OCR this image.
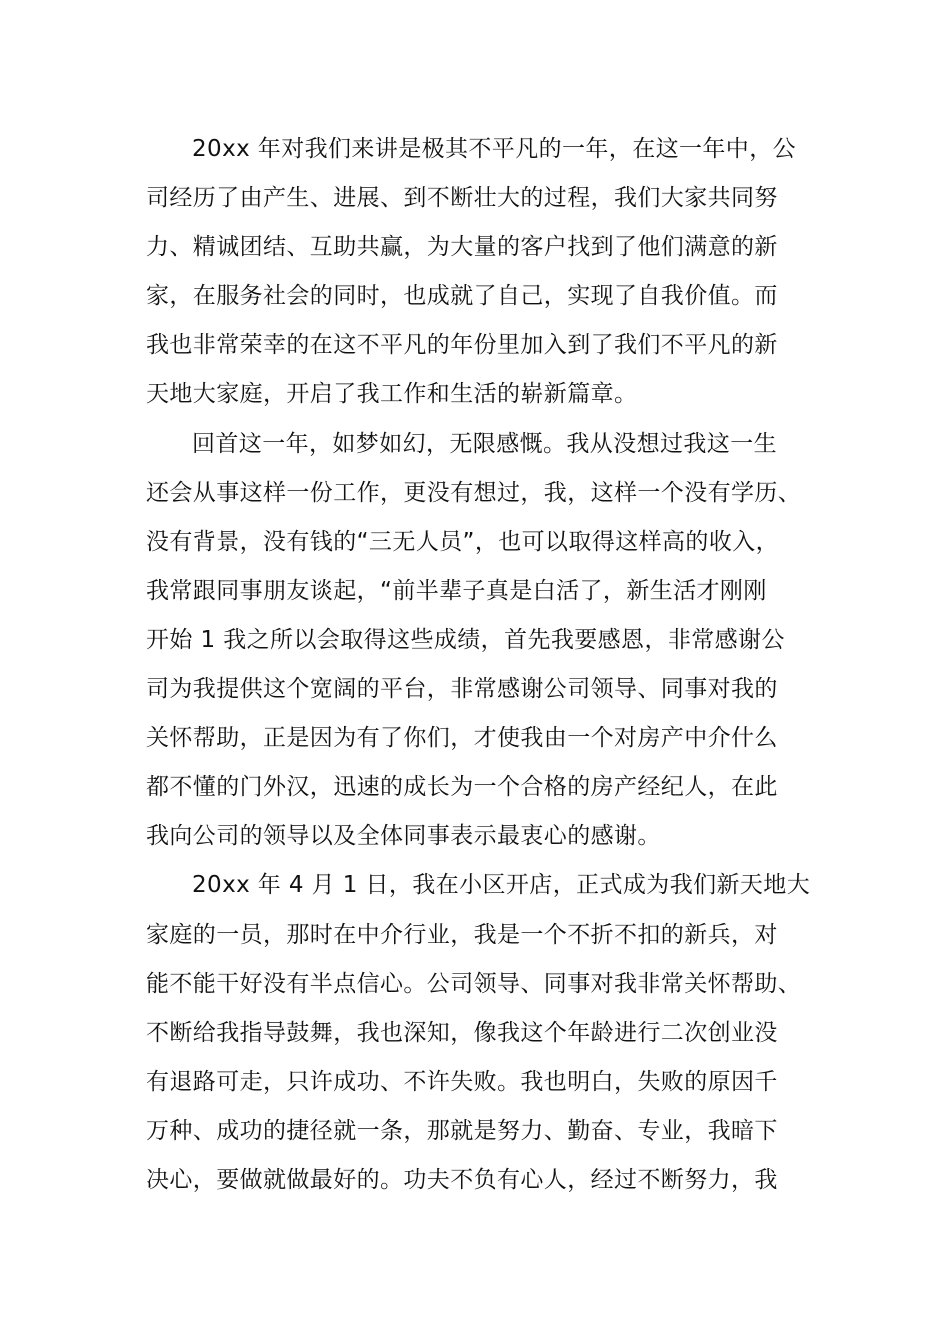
20xx 年对我们来讲是极其不平凡的一年，在这一年中，公
司经历了由产生、进展、到不断壮大的过程，我们大家共同努
力、精诚团结、互助共赢，为大量的客户找到了他们满意的新
家，在服务社会的同时，也成就了自己，实现了自我价值。而
我也非常荣幸的在这不平凡的年份里加入到了我们不平凡的新
天地大家庭，开启了我工作和生活的崭新篇章。
回首这一年，如梦如幻，无限感慨。我从没想过我这一生
还会从事这样一份工作，更没有想过，我，这样一个没有学历、
没有背景，没有钱的“三无人员”，也可以取得这样高的收入，
我常跟同事朋友谈起，“前半辈子真是白活了，新生活才刚刚
开始 1 我之所以会取得这些成绩，首先我要感恩，非常感谢公
司为我提供这个宽阔的平台，非常感谢公司领导、同事对我的
关怀帮助，正是因为有了你们，才使我由一个对房产中介什么
都不懂的门外汉，迅速的成长为一个合格的房产经纪人，在此
我向公司的领导以及全体同事表示最衷心的感谢。
20xx 年 4 月 1 日，我在小区开店，正式成为我们新天地大
家庭的一员，那时在中介行业，我是一个不折不扣的新兵，对
能不能干好没有半点信心。公司领导、同事对我非常关怀帮助、
不断给我指导鼓舞，我也深知，像我这个年龄进行二次创业没
有退路可走，只许成功、不许失败。我也明白，失败的原因千
万种、成功的捷径就一条，那就是努力、勤奋、专业，我暗下
决心，要做就做最好的。功夫不负有心人，经过不断努力，我
